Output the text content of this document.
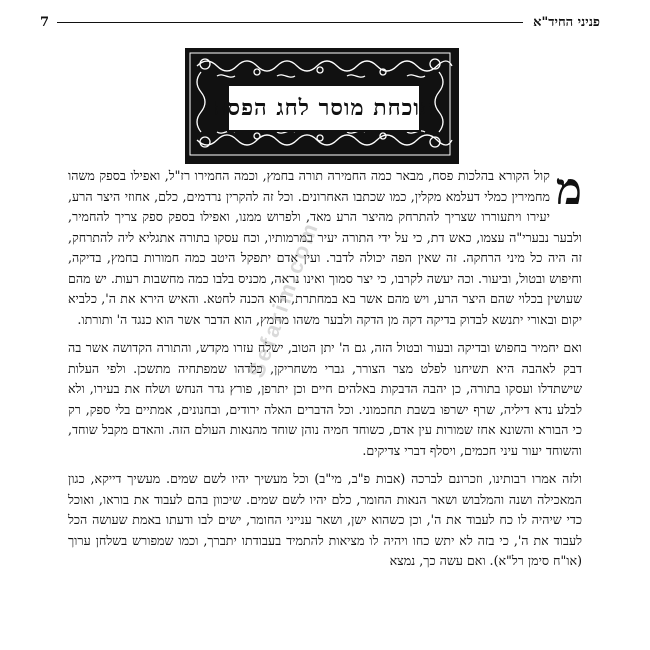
פניני החיד"א
7
תוכחת מוסר לחג הפסח

מ
קול הקורא בהלכות פסח, מבאר כמה החמירה תורה בחמץ, וכמה החמירו רז"ל, ואפילו בספק משהו מחמירין כמלי דעלמא מקלין, כמו שכתבו האחרונים. וכל זה להקרין נרדמים, כלם, אחוזי היצר הרע, יעירו ויתעוררו שצריך להתרחק מהיצר הרע מאד, ולפרוש ממנו, ואפילו בספק ספק צריך להחמיר, ולבער נבערי"ה עצמו, כאש דת, כי על ידי התורה יעיר במרמותיו, וכח עסקו בתורה אתגליא ליה להתרחק, זה היה כל מיני הרחקה. זה שאין הפה יכולה לדבר. ועין אדם יתפקל היטב כמה חמורות בחמץ, בדיקה, וחיפוש ובטול, וביעור. וכה יעשה לקרבו, כי יצר סמוך ואינו נראה, מכניס בלבו כמה מחשבות רעות. יש מהם שעושין בכלוי שהם היצר הרע, ויש מהם אשר בא במחתרת, הוא הכנה לחטא. והאיש הירא את ה', כלביא יקום ובאורי יתנשא לבדוק בדיקה דקה מן הדקה ולבער משהו מחמץ, הוא הדבר אשר הוא כנגד ה' ותורתו.

ואם יחמיר בחפוש ובדיקה ובעור ובטול הזה, גם ה' יתן הטוב, ישלח עזרו מקדש, והתורה הקדושה אשר בה דבק לאהבה היא תשיחנו לפלט מצר הצורר, גברי משחריקן, כלדהו שמפתחיה מתשכן. ולפי העלות שישתדלו ועסקו בתורה, כן יהבה הדבקות באלהים חיים וכן יתרפן, פורץ גדר הנחש ושלח את בעירו, ולא לבלע נדא דיליה, שרף ישרפו בשבת תחכמוני. וכל הדברים האלה ירודים, ובחנונים, אמתיים בלי ספק, רק כי הבורא והשונא אחז שמורות עין אדם, כשוחד חמיה נוהן שוחד מהנאות העולם הזה. והאדם מקבל שוחד, והשוחד יעור עיני חכמים, ויסלף דברי צדיקים.

ולזה אמרו רבותינו, וזכרונם לברכה (אבות פ"ב, מי"ב) וכל מעשיך יהיו לשם שמים. מעשיך דייקא, כגון המאכילה ושנה והמלבוש ושאר הנאות החומר, כלם יהיו לשם שמים. שיכוון בהם לעבוד את בוראו, ואוכל כדי שיהיה לו כח לעבוד את ה', וכן כשהוא ישן, ושאר ענייני החומר, ישים לבו ודעתו באמת שעושה הכל לעבוד את ה', כי בזה לא יתש כחו ויהיה לו מציאות להתמיד בעבודתו יתברך, וכמו שמפורש בשלחן ערוך (או"ח סימן רל"א). ואם עשה כך, נמצא

Sefarim.com
